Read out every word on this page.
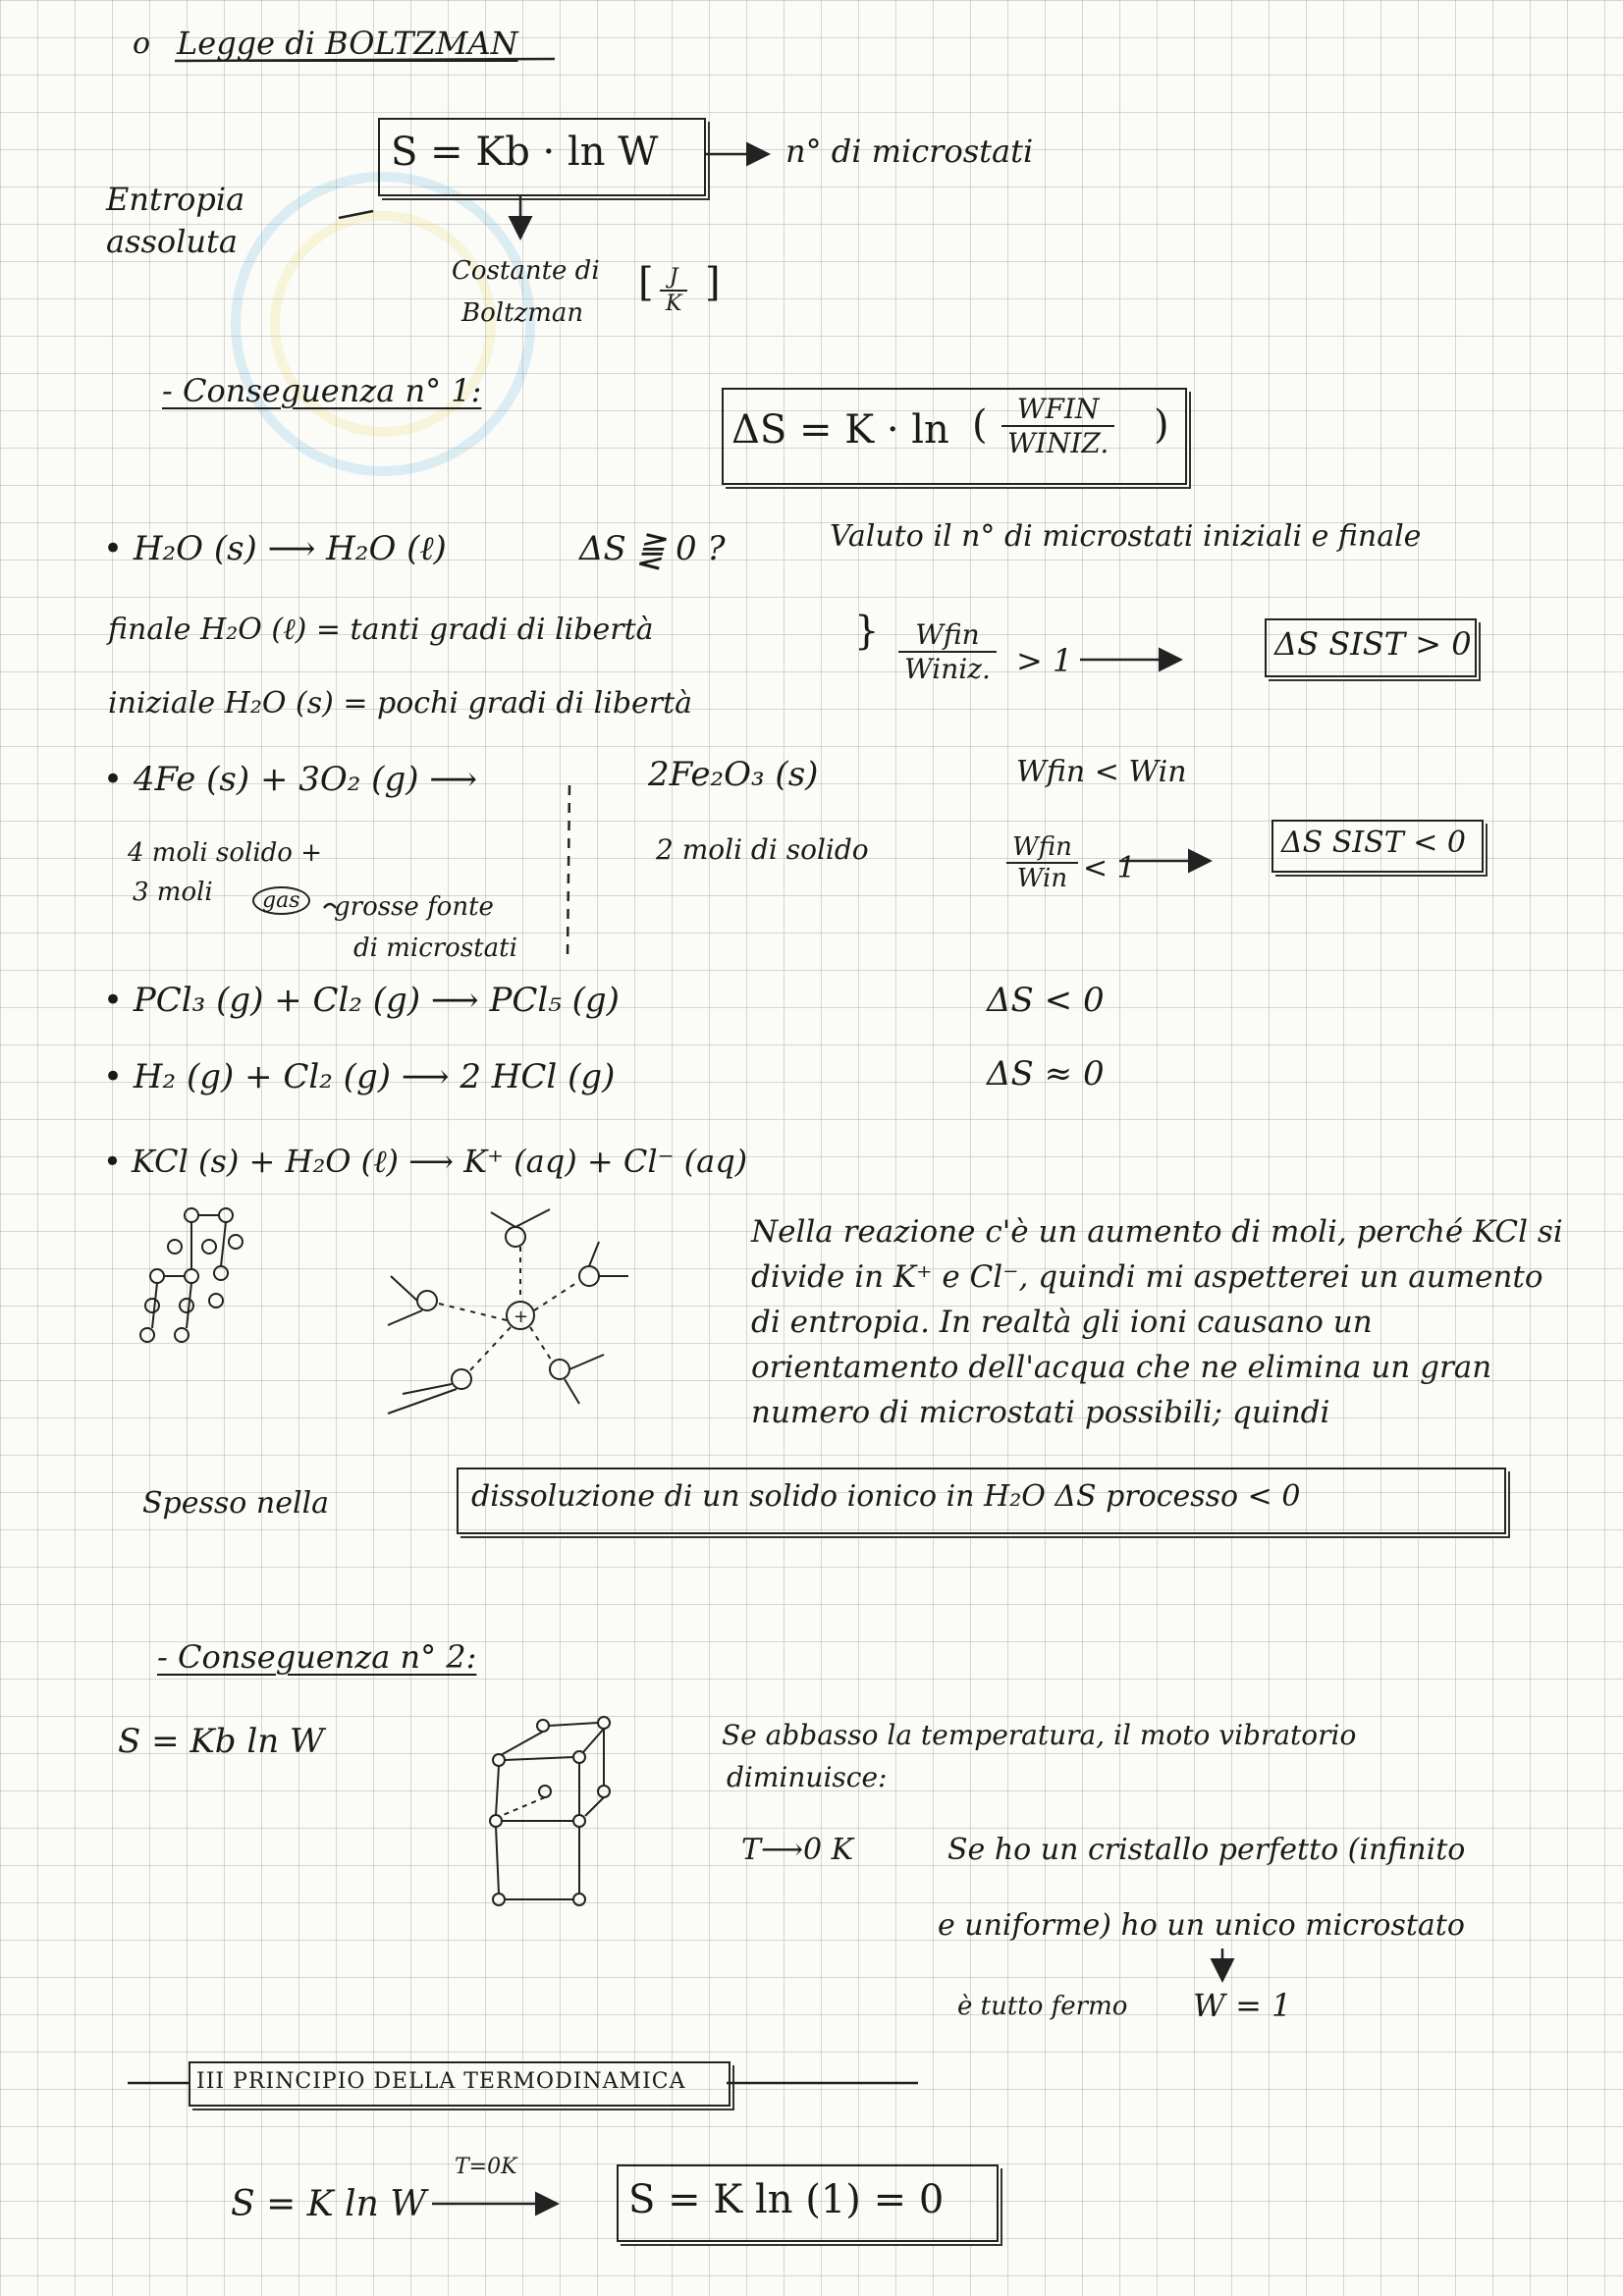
o Legge di BOLTZMAN
S = Kb · ln W	n° di microstati
Entropia
assoluta
Costante di
Boltzman
[ $\frac{J}{K}$ ]
- Conseguenza n° 1:
ΔS = K · ln (	WFIN
WINIZ. )
• H₂O (s) ⟶ H₂O (ℓ)	ΔS ⪌ 0 ?	Valuto il n° di microstati iniziali e finale
finale H₂O (ℓ) = tanti gradi di libertà
iniziale H₂O (s) = pochi gradi di libertà
}	Wfin
Winiz. > 1	ΔS SIST > 0
• 4Fe (s) + 3O₂ (g) ⟶	2Fe₂O₃ (s)	Wfin < Win
4 moli solido +
3 moli	gas	grosse fonte
di microstati
2 moli di solido	Wfin
Win < 1
ΔS SIST < 0
• PCl₃ (g) + Cl₂ (g) ⟶ PCl₅ (g)	ΔS < 0
• H₂ (g) + Cl₂ (g) ⟶ 2 HCl (g)	ΔS ≈ 0
• KCl (s) + H₂O (ℓ) ⟶ K⁺ (aq) + Cl⁻ (aq)
Nella reazione c'è un aumento di moli, perché KCl si divide in K⁺ e Cl⁻, quindi mi aspetterei un aumento di entropia. In realtà gli ioni causano un orientamento dell'acqua che ne elimina un gran numero di microstati possibili; quindi
Spesso nella	dissoluzione di un solido ionico in H₂O ΔS processo < 0
- Conseguenza n° 2:
S = Kb ln W	Se abbasso la temperatura, il moto vibratorio
diminuisce:
T⟶0 K	Se ho un cristallo perfetto (infinito
e uniforme) ho un unico microstato
è tutto fermo W = 1
III PRINCIPIO DELLA TERMODINAMICA
S = K ln W
T=0K
S = K ln (1) = 0
+
